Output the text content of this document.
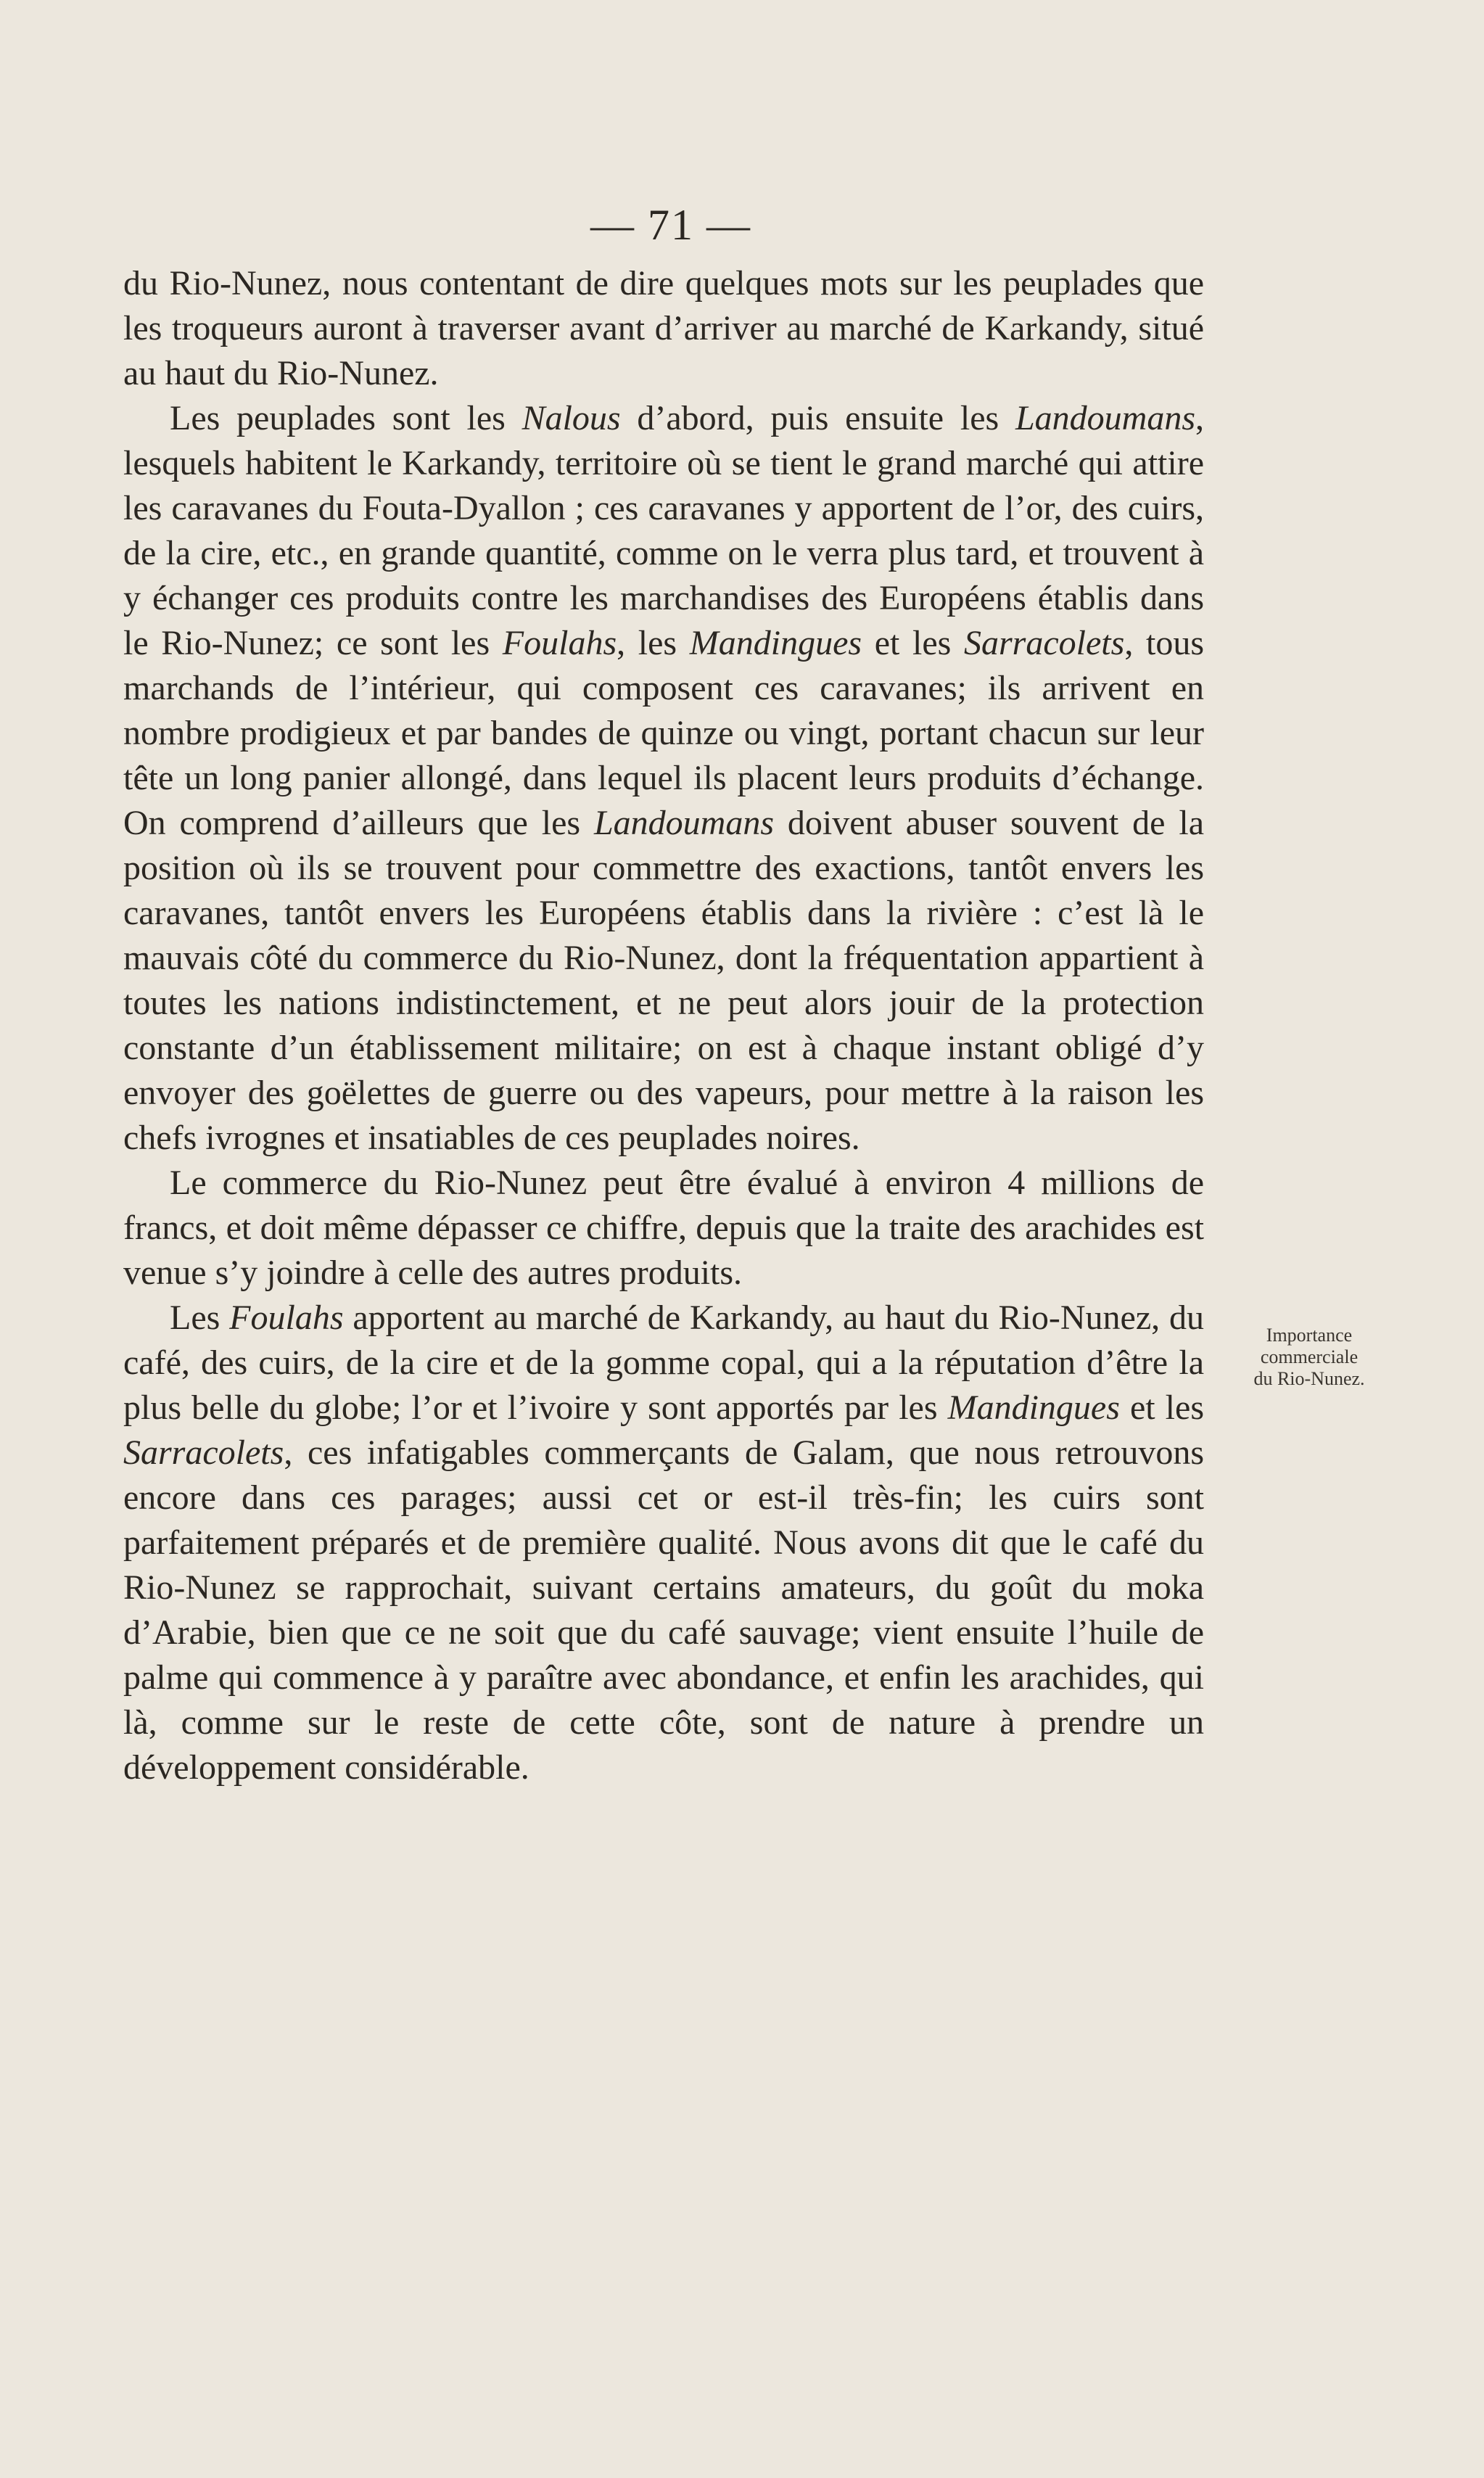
— 71 —

du Rio-Nunez, nous contentant de dire quelques mots sur les peuplades que les troqueurs auront à traverser avant d’arriver au marché de Karkandy, situé au haut du Rio-Nunez.

Les peuplades sont les Nalous d’abord, puis ensuite les Landoumans, lesquels habitent le Karkandy, territoire où se tient le grand marché qui attire les caravanes du Fouta-Dyallon ; ces caravanes y apportent de l’or, des cuirs, de la cire, etc., en grande quantité, comme on le verra plus tard, et trouvent à y échanger ces produits contre les marchandises des Européens établis dans le Rio-Nunez; ce sont les Foulahs, les Mandingues et les Sarracolets, tous marchands de l’intérieur, qui composent ces caravanes; ils arrivent en nombre prodigieux et par bandes de quinze ou vingt, portant chacun sur leur tête un long panier allongé, dans lequel ils placent leurs produits d’échange. On comprend d’ailleurs que les Landoumans doivent abuser souvent de la position où ils se trouvent pour commettre des exactions, tantôt envers les caravanes, tantôt envers les Européens établis dans la rivière : c’est là le mauvais côté du commerce du Rio-Nunez, dont la fréquentation appartient à toutes les nations indistinctement, et ne peut alors jouir de la protection constante d’un établissement militaire; on est à chaque instant obligé d’y envoyer des goëlettes de guerre ou des vapeurs, pour mettre à la raison les chefs ivrognes et insatiables de ces peuplades noires.

Le commerce du Rio-Nunez peut être évalué à environ 4 millions de francs, et doit même dépasser ce chiffre, depuis que la traite des arachides est venue s’y joindre à celle des autres produits.

Les Foulahs apportent au marché de Karkandy, au haut du Rio-Nunez, du café, des cuirs, de la cire et de la gomme copal, qui a la réputation d’être la plus belle du globe; l’or et l’ivoire y sont apportés par les Mandingues et les Sarracolets, ces infatigables commerçants de Galam, que nous retrouvons encore dans ces parages; aussi cet or est-il très-fin; les cuirs sont parfaitement préparés et de première qualité. Nous avons dit que le café du Rio-Nunez se rapprochait, suivant certains amateurs, du goût du moka d’Arabie, bien que ce ne soit que du café sauvage; vient ensuite l’huile de palme qui commence à y paraître avec abondance, et enfin les arachides, qui là, comme sur le reste de cette côte, sont de nature à prendre un développement considérable.

Importance
commerciale
du Rio-Nunez.
